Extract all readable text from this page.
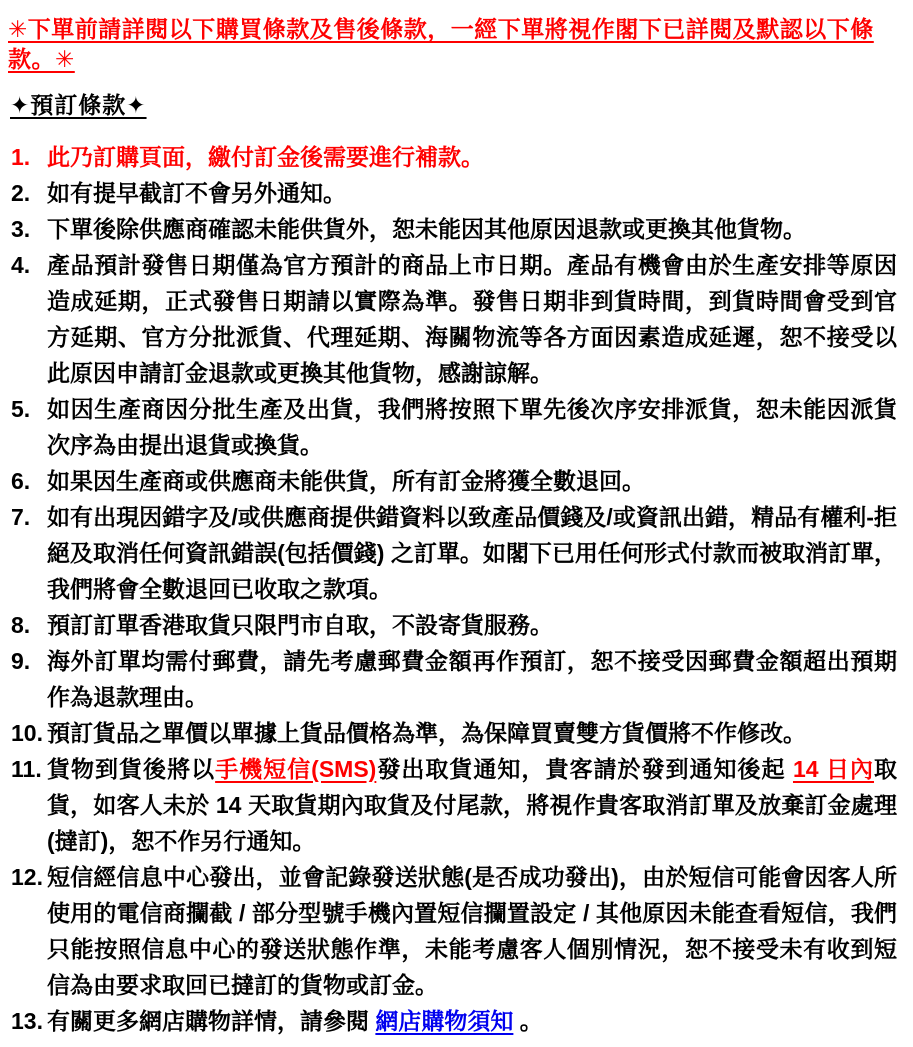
✳下單前請詳閱以下購買條款及售後條款，一經下單將視作閣下已詳閱及默認以下條款。✳
✦預訂條款✦
此乃訂購頁面，繳付訂金後需要進行補款。
如有提早截訂不會另外通知。
下單後除供應商確認未能供貨外，恕未能因其他原因退款或更換其他貨物。
產品預計發售日期僅為官方預計的商品上市日期。產品有機會由於生產安排等原因造成延期，正式發售日期請以實際為準。發售日期非到貨時間，到貨時間會受到官方延期、官方分批派貨、代理延期、海關物流等各方面因素造成延遲，恕不接受以此原因申請訂金退款或更換其他貨物，感謝諒解。
如因生產商因分批生產及出貨，我們將按照下單先後次序安排派貨，恕未能因派貨次序為由提出退貨或換貨。
如果因生產商或供應商未能供貨，所有訂金將獲全數退回。
如有出現因錯字及/或供應商提供錯資料以致產品價錢及/或資訊出錯，精品有權利-拒絕及取消任何資訊錯誤(包括價錢) 之訂單。如閣下已用任何形式付款而被取消訂單，我們將會全數退回已收取之款項。
預訂訂單香港取貨只限門市自取，不設寄貨服務。
海外訂單均需付郵費，請先考慮郵費金額再作預訂，恕不接受因郵費金額超出預期作為退款理由。
預訂貨品之單價以單據上貨品價格為準，為保障買賣雙方貨價將不作修改。
貨物到貨後將以手機短信(SMS)發出取貨通知，貴客請於發到通知後起 14 日內取貨，如客人未於 14 天取貨期內取貨及付尾款，將視作貴客取消訂單及放棄訂金處理(撻訂)，恕不作另行通知。
短信經信息中心發出，並會記錄發送狀態(是否成功發出)，由於短信可能會因客人所使用的電信商攔截 / 部分型號手機內置短信攔置設定 / 其他原因未能查看短信，我們只能按照信息中心的發送狀態作準，未能考慮客人個別情況，恕不接受未有收到短信為由要求取回已撻訂的貨物或訂金。
有關更多網店購物詳情，請參閱 網店購物須知 。
